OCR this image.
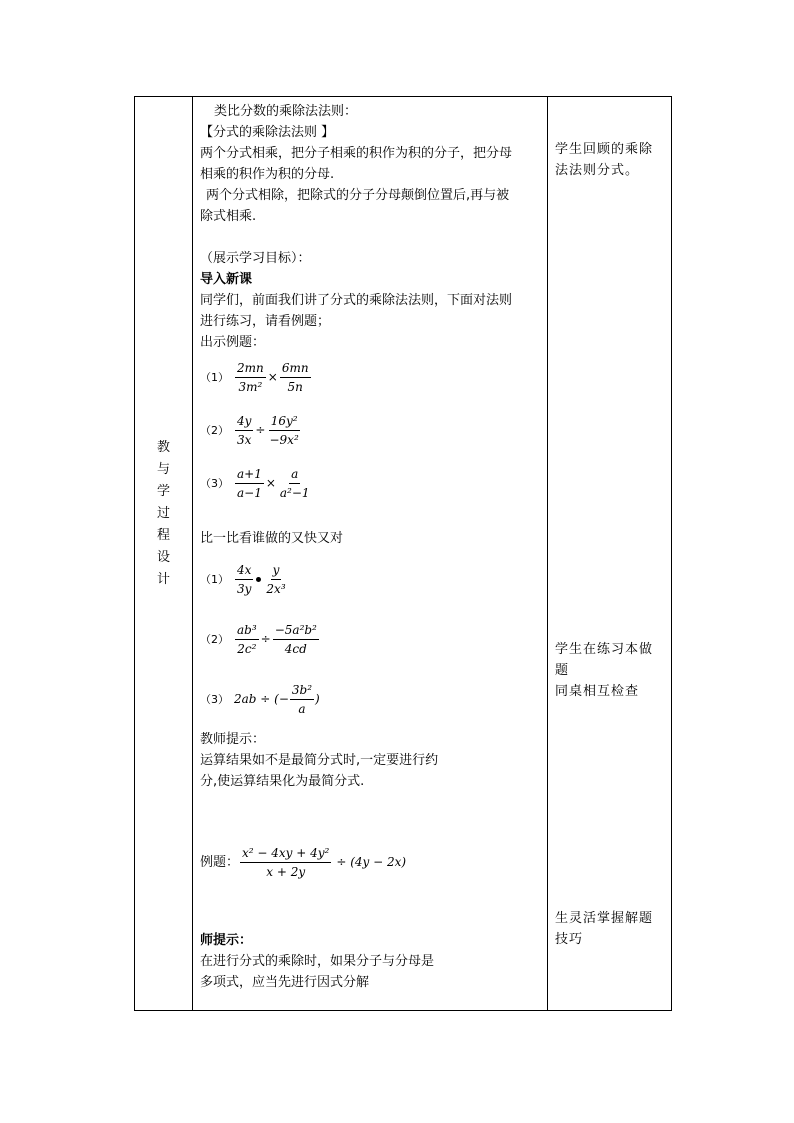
教
与
学
过
程
设
计

类比分数的乘除法法则：

【分式的乘除法法则 】

两个分式相乘，把分子相乘的积作为积的分子，把分母

相乘的积作为积的分母.

两个分式相除，把除式的分子分母颠倒位置后,再与被

除式相乘.

（展示学习目标）：

导入新课

同学们，前面我们讲了分式的乘除法法则，下面对法则

进行练习，请看例题；

出示例题：

$(1) \frac{2mn}{\text{3m²}} \times \frac{6mn}{5n}$
$(2) \frac{4y}{3x} \div \frac{\text{16y²}}{\text{−9x²}}$
$(3) \frac{a+1}{a-1} \times \frac{a}{\text{a²−1}}$

比一比看谁做的又快又对

$(1) \frac{4x}{3y} \frac{y}{\text{2x³}}$
$(2) \frac{\text{ab³}}{\text{2c²}} \div \frac{\text{−5a²b²}}{4cd}$
（3） 2ab ÷ (− $\frac{\text{3b²}}{a}$ )

教师提示：

运算结果如不是最简分式时,一定要进行约

分,使运算结果化为最简分式.

例题： $\frac{\text{x² − 4xy + 4y²}}{x + 2y} \div (4y - 2x)$

师提示：

在进行分式的乘除时，如果分子与分母是

多项式，应当先进行因式分解

学生回顾的乘除

法法则分式。

学生在练习本做

题

同桌相互检查

生灵活掌握解题

技巧
